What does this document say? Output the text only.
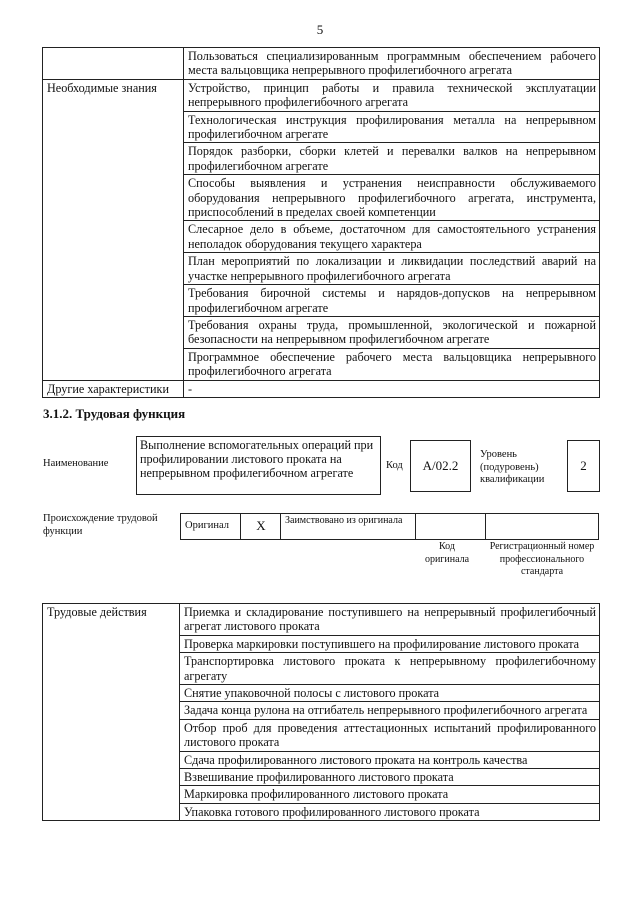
5
	Пользоваться специализированным программным обеспечением рабочего места вальцовщика непрерывного профилегибочного агрегата
Необходимые знания	Устройство, принцип работы и правила технической эксплуатации непрерывного профилегибочного агрегата
	Технологическая инструкция профилирования металла на непрерывном профилегибочном агрегате
	Порядок разборки, сборки клетей и перевалки валков на непрерывном профилегибочном агрегате
	Способы выявления и устранения неисправности обслуживаемого оборудования непрерывного профилегибочного агрегата, инструмента, приспособлений в пределах своей компетенции
	Слесарное дело в объеме, достаточном для самостоятельного устранения неполадок оборудования текущего характера
	План мероприятий по локализации и ликвидации последствий аварий на участке непрерывного профилегибочного агрегата
	Требования бирочной системы и нарядов-допусков на непрерывном профилегибочном агрегате
	Требования охраны труда, промышленной, экологической и пожарной безопасности на непрерывном профилегибочном агрегате
	Программное обеспечение рабочего места вальцовщика непрерывного профилегибочного агрегата
Другие характеристики	-
3.1.2. Трудовая функция
Наименование
Выполнение вспомогательных операций при профилировании листового проката на непрерывном профилегибочном агрегате
Код	А/02.2
Уровень (подуровень) квалификации
2
Происхождение трудовой функции	Оригинал	Х	Заимствовано из оригинала		
Код оригинала
Регистрационный номер профессионального стандарта
Трудовые действия	Приемка и складирование поступившего на непрерывный профилегибочный агрегат листового проката
Проверка маркировки поступившего на профилирование листового проката
Транспортировка листового проката к непрерывному профилегибочному агрегату
Снятие упаковочной полосы с листового проката
Задача конца рулона на отгибатель непрерывного профилегибочного агрегата
Отбор проб для проведения аттестационных испытаний профилированного листового проката
Сдача профилированного листового проката на контроль качества
Взвешивание профилированного листового проката
Маркировка профилированного листового проката
Упаковка готового профилированного листового проката
